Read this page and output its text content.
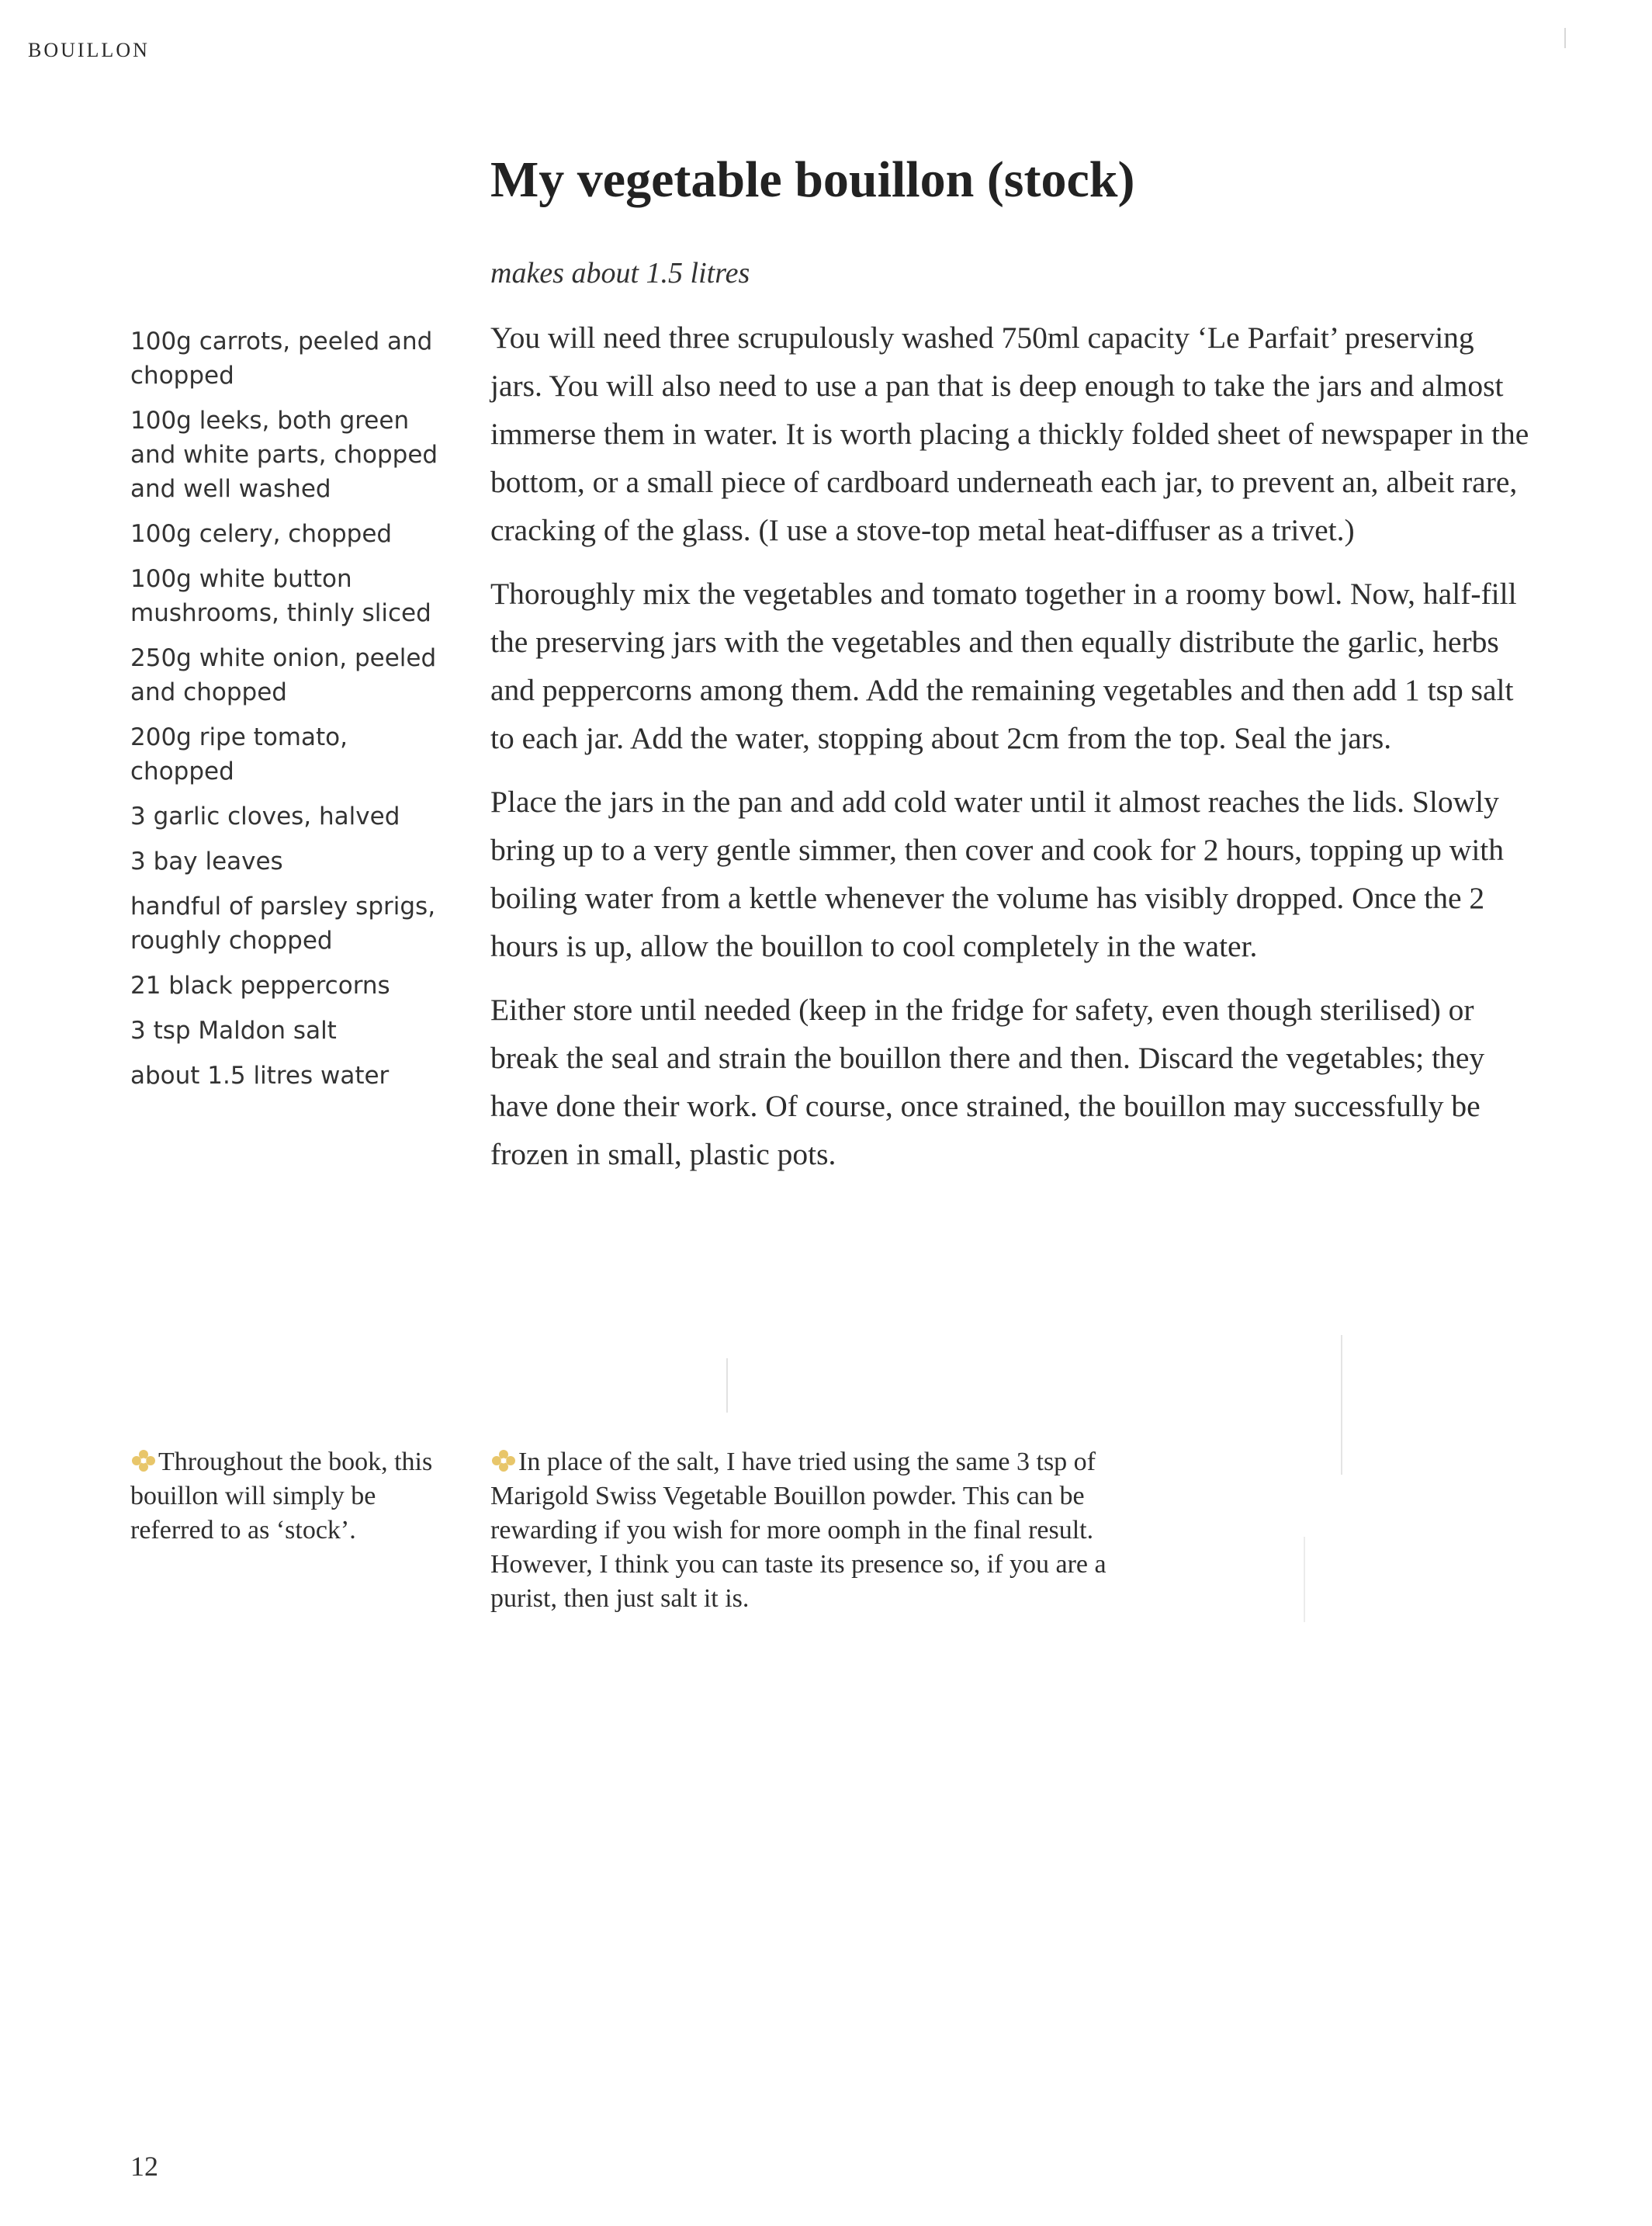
BOUILLON
My vegetable bouillon (stock)
makes about 1.5 litres
100g carrots, peeled and chopped
100g leeks, both green and white parts, chopped and well washed
100g celery, chopped
100g white button mushrooms, thinly sliced
250g white onion, peeled and chopped
200g ripe tomato, chopped
3 garlic cloves, halved
3 bay leaves
handful of parsley sprigs, roughly chopped
21 black peppercorns
3 tsp Maldon salt
about 1.5 litres water

You will need three scrupulously washed 750ml capacity ‘Le Parfait’ preserving jars. You will also need to use a pan that is deep enough to take the jars and almost immerse them in water. It is worth placing a thickly folded sheet of newspaper in the bottom, or a small piece of cardboard underneath each jar, to prevent an, albeit rare, cracking of the glass. (I use a stove-top metal heat-diffuser as a trivet.)

Thoroughly mix the vegetables and tomato together in a roomy bowl. Now, half-fill the preserving jars with the vegetables and then equally distribute the garlic, herbs and peppercorns among them. Add the remaining vegetables and then add 1 tsp salt to each jar. Add the water, stopping about 2cm from the top. Seal the jars.

Place the jars in the pan and add cold water until it almost reaches the lids. Slowly bring up to a very gentle simmer, then cover and cook for 2 hours, topping up with boiling water from a kettle whenever the volume has visibly dropped. Once the 2 hours is up, allow the bouillon to cool completely in the water.

Either store until needed (keep in the fridge for safety, even though sterilised) or break the seal and strain the bouillon there and then. Discard the vegetables; they have done their work. Of course, once strained, the bouillon may successfully be frozen in small, plastic pots.

Throughout the book, this bouillon will simply be referred to as ‘stock’.
In place of the salt, I have tried using the same 3 tsp of Marigold Swiss Vegetable Bouillon powder. This can be rewarding if you wish for more oomph in the final result. However, I think you can taste its presence so, if you are a purist, then just salt it is.
12
